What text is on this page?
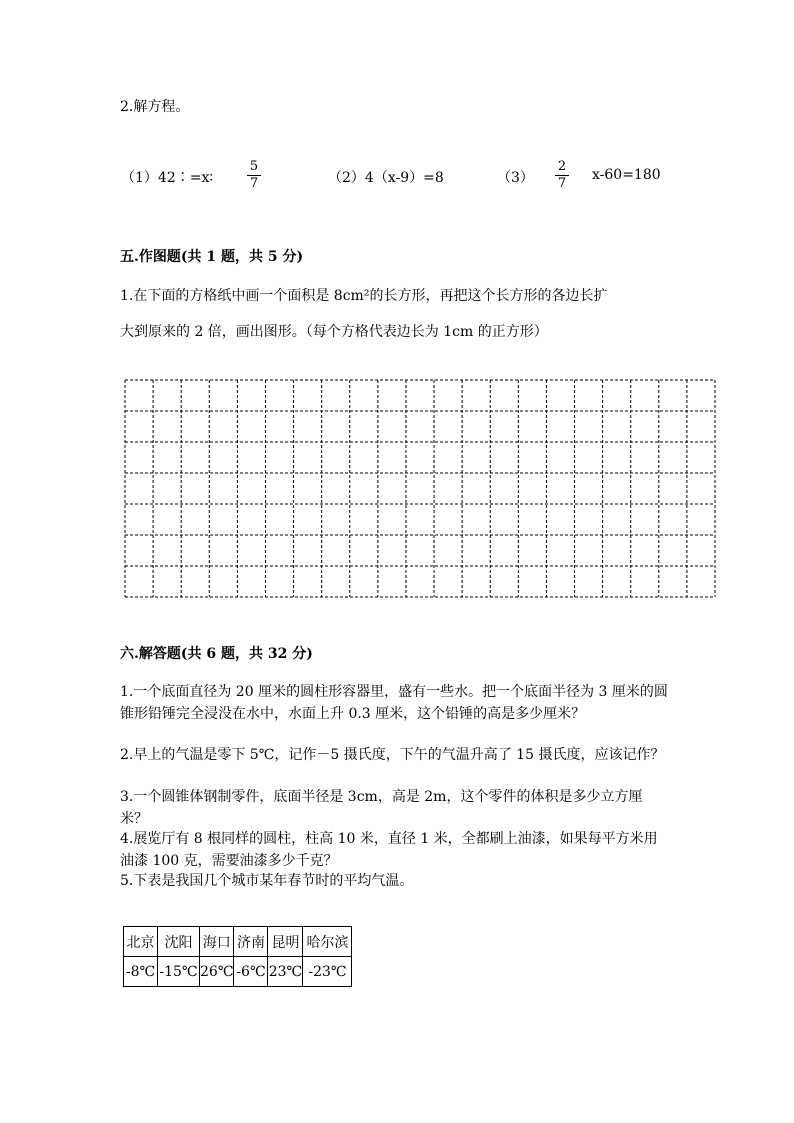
2.解方程。
（1）42∶=x∶
5
7	（2）4（x-9）=8	（3）
2
7
x-60=180
五.作图题(共 1 题，共 5 分)
1.在下面的方格纸中画一个面积是 8cm²的长方形，再把这个长方形的各边长扩
大到原来的 2 倍，画出图形。（每个方格代表边长为 1cm 的正方形）
六.解答题(共 6 题，共 32 分)
1.一个底面直径为 20 厘米的圆柱形容器里，盛有一些水。把一个底面半径为 3 厘米的圆锥形铅锤完全浸没在水中，水面上升 0.3 厘米，这个铅锤的高是多少厘米？
2.早上的气温是零下 5℃，记作－5 摄氏度，下午的气温升高了 15 摄氏度，应该记作？
3.一个圆锥体钢制零件，底面半径是 3cm，高是 2m，这个零件的体积是多少立方厘米？
4.展览厅有 8 根同样的圆柱，柱高 10 米，直径 1 米，全都刷上油漆，如果每平方米用油漆 100 克，需要油漆多少千克？
5.下表是我国几个城市某年春节时的平均气温。
北京	沈阳	海口	济南	昆明	哈尔滨
-8℃	-15℃	26℃	-6℃	23℃	-23℃
